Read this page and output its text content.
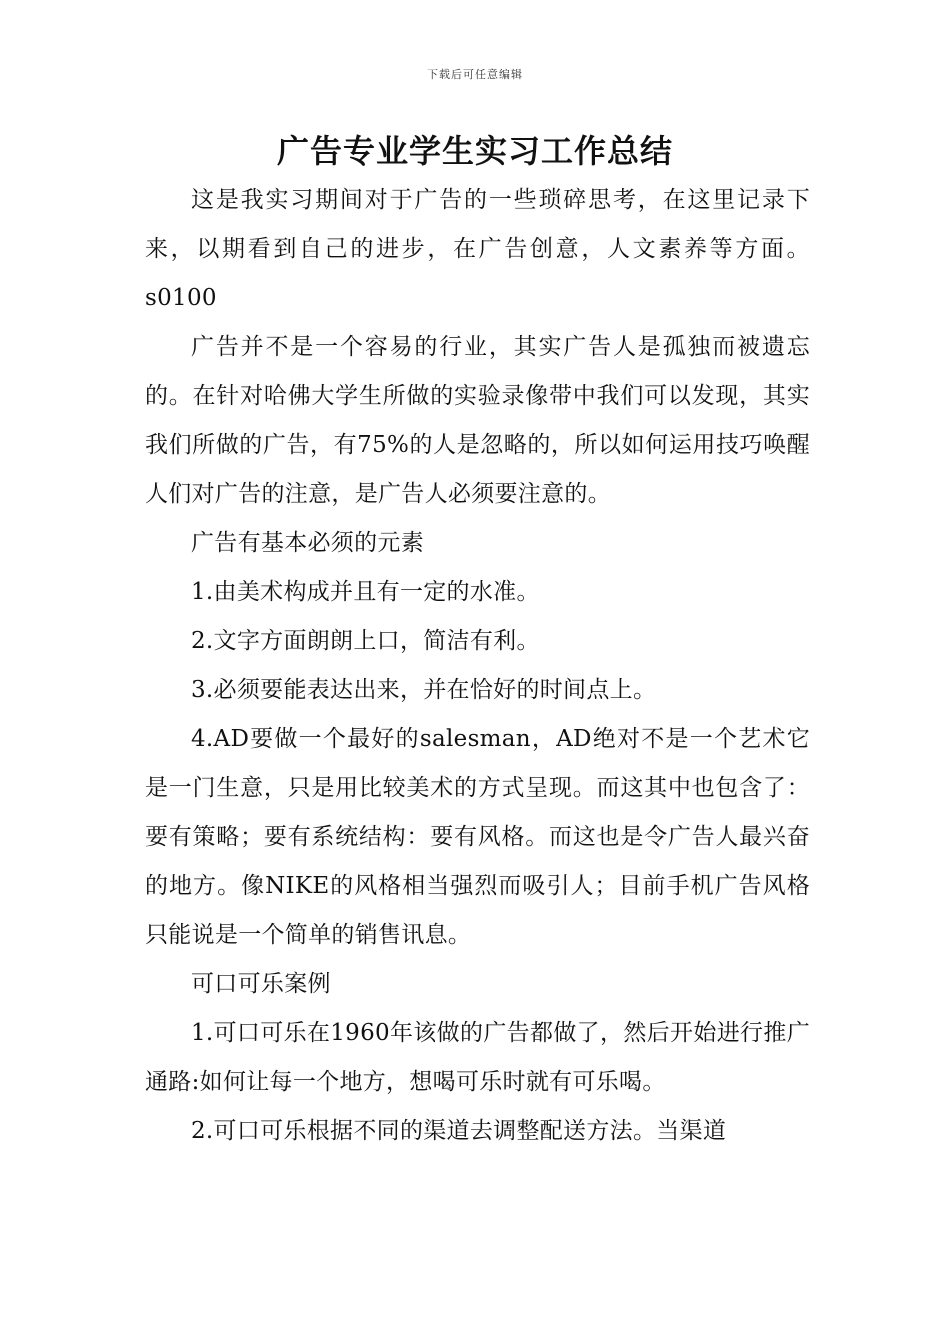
下载后可任意编辑
广告专业学生实习工作总结

这是我实习期间对于广告的一些琐碎思考，在这里记录下来，以期看到自己的进步，在广告创意，人文素养等方面。s0100

广告并不是一个容易的行业，其实广告人是孤独而被遗忘的。在针对哈佛大学生所做的实验录像带中我们可以发现，其实我们所做的广告，有75%的人是忽略的，所以如何运用技巧唤醒人们对广告的注意，是广告人必须要注意的。

广告有基本必须的元素

1.由美术构成并且有一定的水准。

2.文字方面朗朗上口，简洁有利。

3.必须要能表达出来，并在恰好的时间点上。

4.AD要做一个最好的salesman，AD绝对不是一个艺术它是一门生意，只是用比较美术的方式呈现。而这其中也包含了：要有策略；要有系统结构：要有风格。而这也是令广告人最兴奋的地方。像NIKE的风格相当强烈而吸引人；目前手机广告风格只能说是一个简单的销售讯息。

可口可乐案例

1.可口可乐在1960年该做的广告都做了，然后开始进行推广通路:如何让每一个地方，想喝可乐时就有可乐喝。

2.可口可乐根据不同的渠道去调整配送方法。当渠道
